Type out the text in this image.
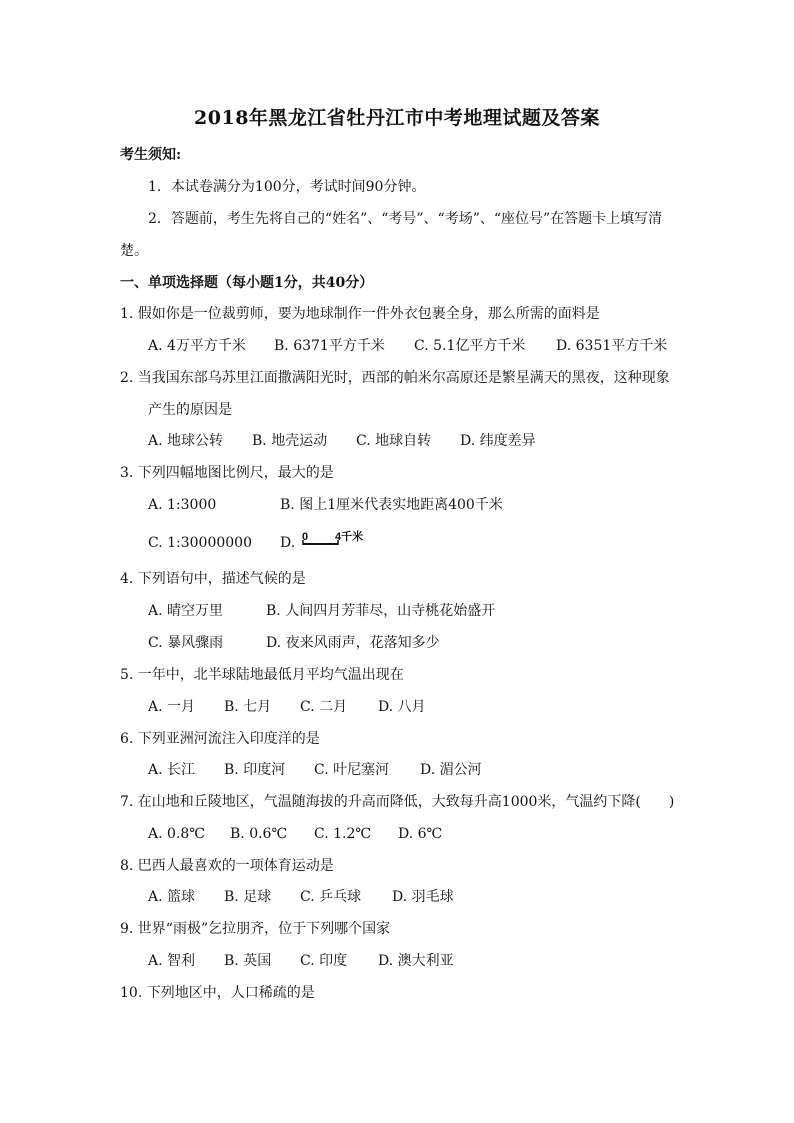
2018年黑龙江省牡丹江市中考地理试题及答案
考生须知:
1．本试卷满分为100分，考试时间90分钟。
2．答题前，考生先将自己的“姓名”、“考号”、“考场”、“座位号”在答题卡上填写清
楚。
一、单项选择题（每小题1分，共40分）
1. 假如你是一位裁剪师，要为地球制作一件外衣包裹全身，那么所需的面料是
A. 4万平方千米 B. 6371平方千米 C. 5.1亿平方千米 D. 6351平方千米
2. 当我国东部乌苏里江面撒满阳光时，西部的帕米尔高原还是繁星满天的黑夜，这种现象
产生的原因是
A. 地球公转 B. 地壳运动 C. 地球自转 D. 纬度差异
3. 下列四幅地图比例尺，最大的是
A. 1:3000	B. 图上1厘米代表实地距离400千米
C. 1:30000000 D. 0 4千米
4. 下列语句中，描述气候的是
A. 晴空万里	B. 人间四月芳菲尽，山寺桃花始盛开
C. 暴风骤雨	D. 夜来风雨声，花落知多少
5. 一年中，北半球陆地最低月平均气温出现在
A. 一月 B. 七月 C. 二月 D. 八月
6. 下列亚洲河流注入印度洋的是
A. 长江 B. 印度河 C. 叶尼塞河 D. 湄公河
7. 在山地和丘陵地区，气温随海拔的升高而降低，大致每升高1000米，气温约下降(　　)
A. 0.8℃ B. 0.6℃ C. 1.2℃ D. 6℃
8. 巴西人最喜欢的一项体育运动是
A. 篮球 B. 足球 C. 乒乓球 D. 羽毛球
9. 世界“雨极”乞拉朋齐，位于下列哪个国家
A. 智利 B. 英国 C. 印度 D. 澳大利亚
10. 下列地区中，人口稀疏的是
